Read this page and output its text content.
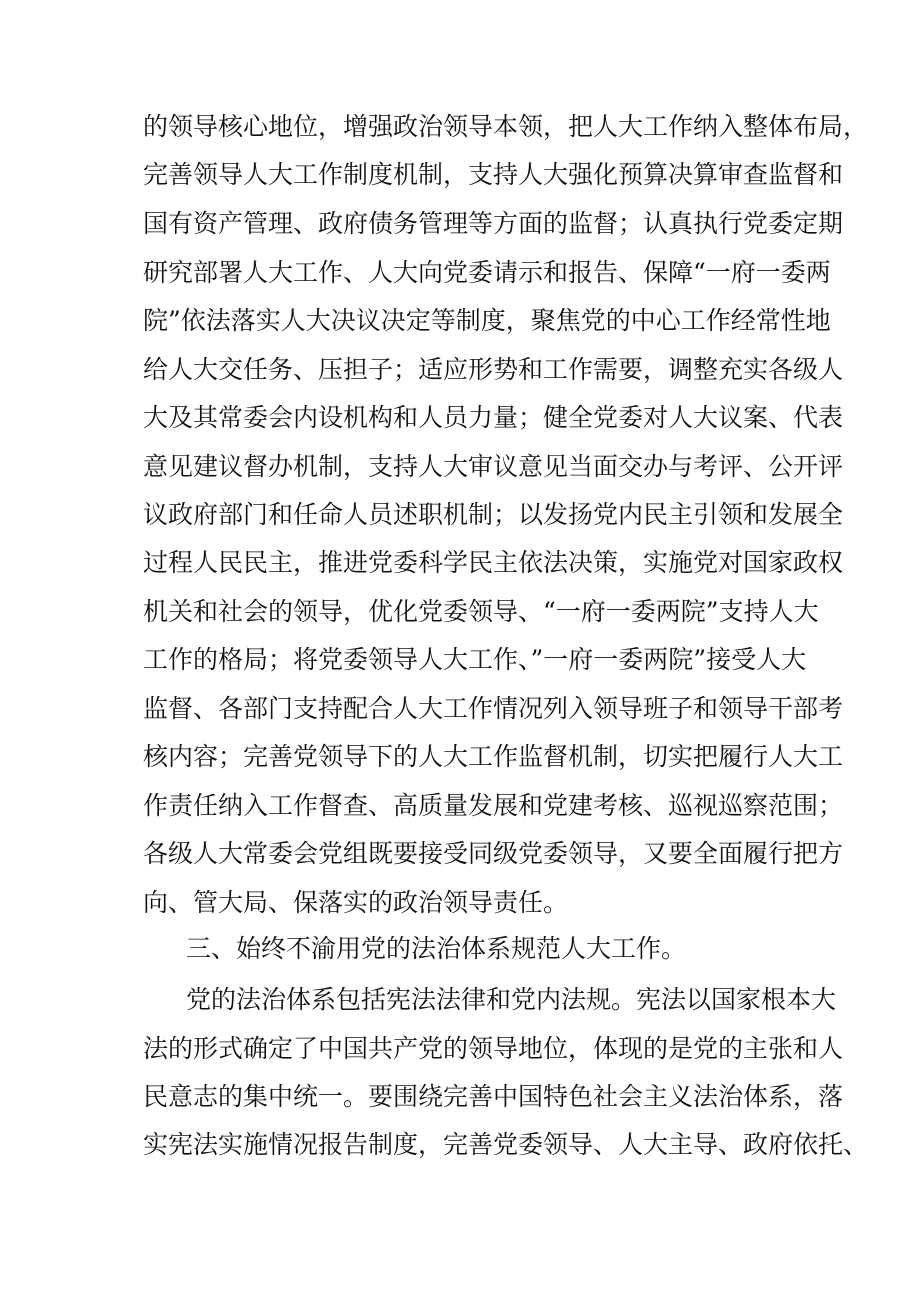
的领导核心地位，增强政治领导本领，把人大工作纳入整体布局，
完善领导人大工作制度机制，支持人大强化预算决算审查监督和
国有资产管理、政府债务管理等方面的监督；认真执行党委定期
研究部署人大工作、人大向党委请示和报告、保障“一府一委两
院”依法落实人大决议决定等制度，聚焦党的中心工作经常性地
给人大交任务、压担子；适应形势和工作需要，调整充实各级人
大及其常委会内设机构和人员力量；健全党委对人大议案、代表
意见建议督办机制，支持人大审议意见当面交办与考评、公开评
议政府部门和任命人员述职机制；以发扬党内民主引领和发展全
过程人民民主，推进党委科学民主依法决策，实施党对国家政权
机关和社会的领导，优化党委领导、“一府一委两院”支持人大
工作的格局；将党委领导人大工作、”一府一委两院”接受人大
监督、各部门支持配合人大工作情况列入领导班子和领导干部考
核内容；完善党领导下的人大工作监督机制，切实把履行人大工
作责任纳入工作督查、高质量发展和党建考核、巡视巡察范围；
各级人大常委会党组既要接受同级党委领导，又要全面履行把方
向、管大局、保落实的政治领导责任。
三、始终不渝用党的法治体系规范人大工作。
党的法治体系包括宪法法律和党内法规。宪法以国家根本大
法的形式确定了中国共产党的领导地位，体现的是党的主张和人
民意志的集中统一。要围绕完善中国特色社会主义法治体系，落
实宪法实施情况报告制度，完善党委领导、人大主导、政府依托、
